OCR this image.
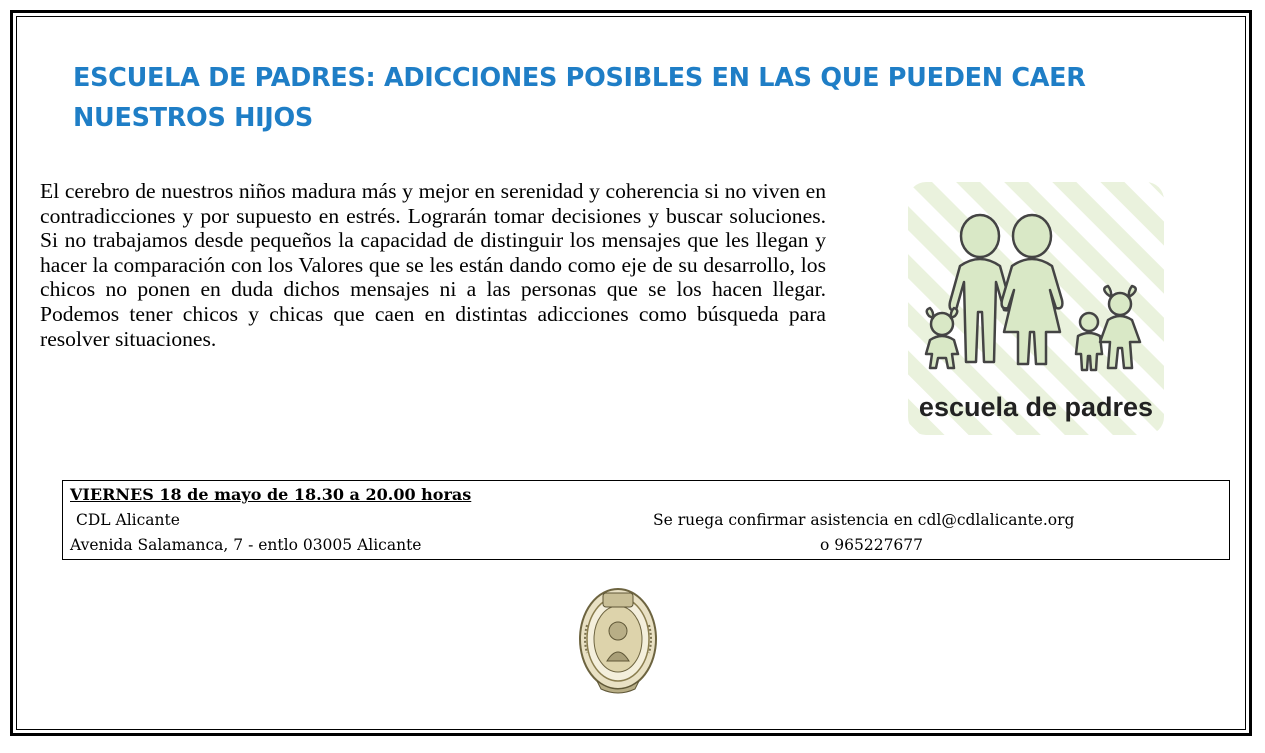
ESCUELA DE PADRES: ADICCIONES POSIBLES EN LAS QUE PUEDEN CAER NUESTROS HIJOS
El cerebro de nuestros niños madura más y mejor en serenidad y coherencia si no viven en contradicciones y por supuesto en estrés. Lograrán tomar decisiones y buscar soluciones. Si no trabajamos desde pequeños la capacidad de distinguir los mensajes que les llegan y hacer la comparación con los Valores que se les están dando como eje de su desarrollo, los chicos no ponen en duda dichos mensajes ni a las personas que se los hacen llegar. Podemos tener chicos y chicas que caen en distintas adicciones como búsqueda para resolver situaciones.
escuela de padres
VIERNES 18 de mayo de 18.30 a 20.00 horas
CDL Alicante
Avenida Salamanca, 7 - entlo 03005 Alicante
Se ruega confirmar asistencia en cdl@cdlalicante.org
o 965227677
